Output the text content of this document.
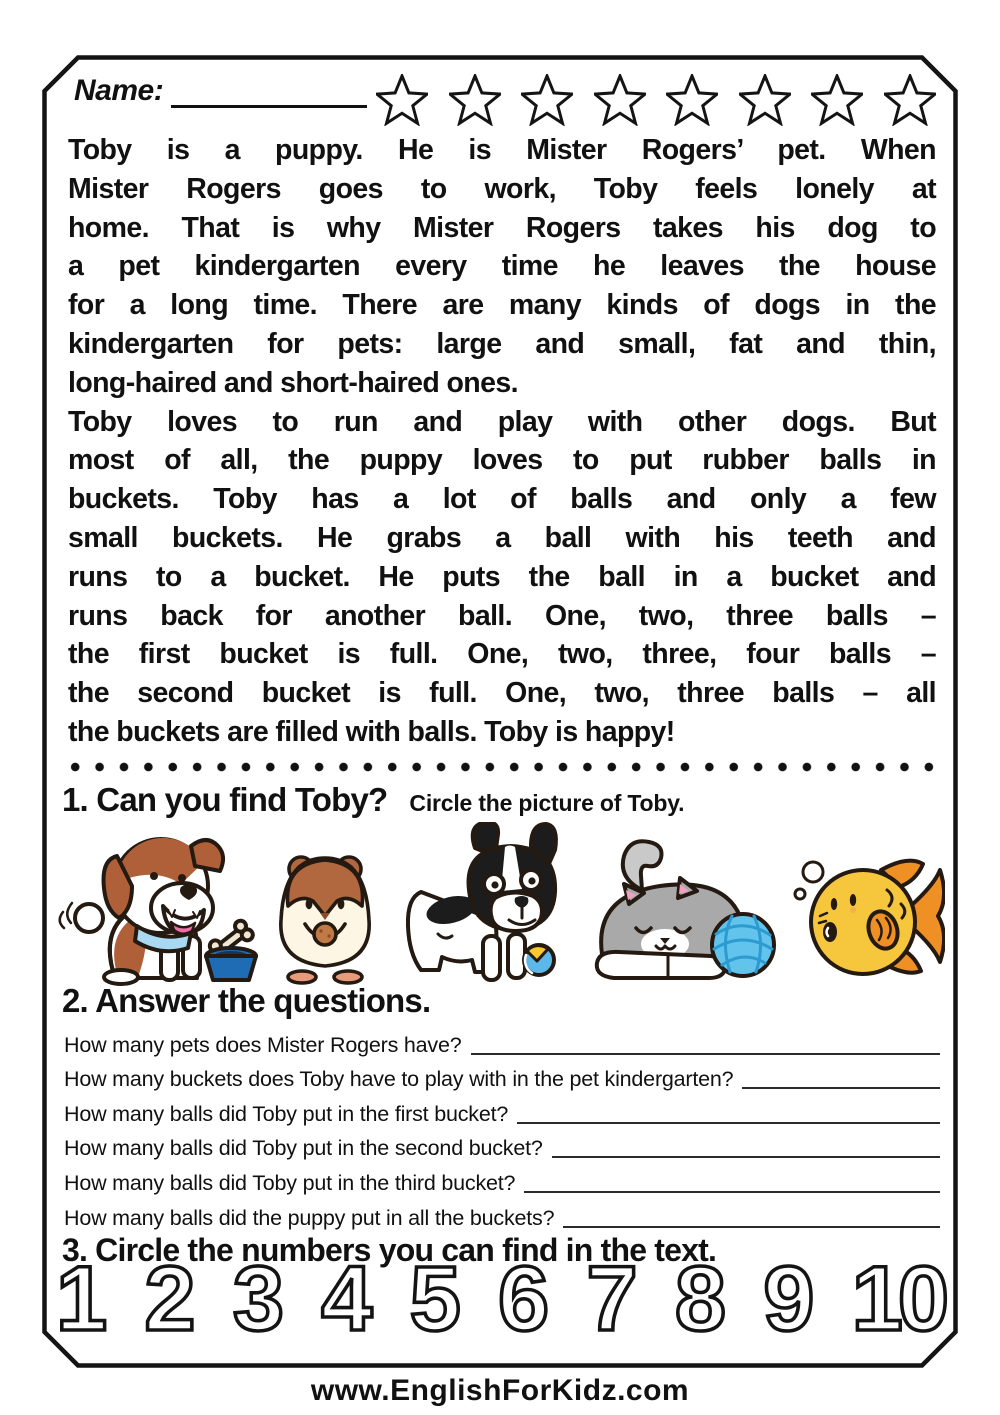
Name:
Toby is a puppy. He is Mister Rogers’ pet. When
Mister Rogers goes to work, Toby feels lonely at
home. That is why Mister Rogers takes his dog to
a pet kindergarten every time he leaves the house
for a long time. There are many kinds of dogs in the
kindergarten for pets: large and small, fat and thin,
long-haired and short-haired ones.
Toby loves to run and play with other dogs. But
most of all, the puppy loves to put rubber balls in
buckets. Toby has a lot of balls and only a few
small buckets. He grabs a ball with his teeth and
runs to a bucket. He puts the ball in a bucket and
runs back for another ball. One, two, three balls –
the first bucket is full. One, two, three, four balls –
the second bucket is full. One, two, three balls – all
the buckets are filled with balls. Toby is happy!
1. Can you find Toby? Circle the picture of Toby.
2. Answer the questions.
How many pets does Mister Rogers have?
How many buckets does Toby have to play with in the pet kindergarten?
How many balls did Toby put in the first bucket?
How many balls did Toby put in the second bucket?
How many balls did Toby put in the third bucket?
How many balls did the puppy put in all the buckets?
3. Circle the numbers you can find in the text.
1 2 3 4 5 6 7 8 9 10
www.EnglishForKidz.com
